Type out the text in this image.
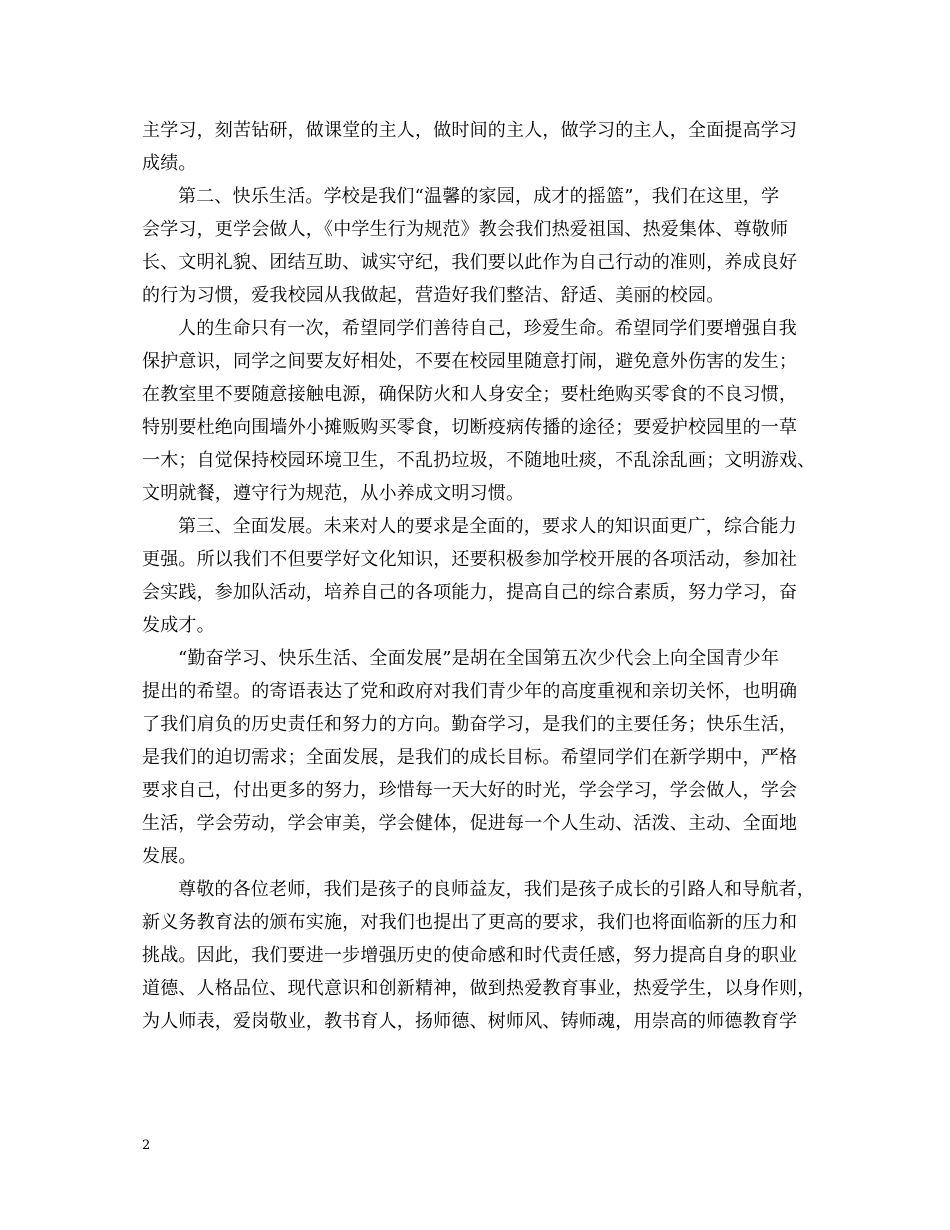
主学习，刻苦钻研，做课堂的主人，做时间的主人，做学习的主人，全面提高学习
成绩。
第二、快乐生活。学校是我们“温馨的家园，成才的摇篮”，我们在这里，学
会学习，更学会做人，《中学生行为规范》教会我们热爱祖国、热爱集体、尊敬师
长、文明礼貌、团结互助、诚实守纪，我们要以此作为自己行动的准则，养成良好
的行为习惯，爱我校园从我做起，营造好我们整洁、舒适、美丽的校园。
人的生命只有一次，希望同学们善待自己，珍爱生命。希望同学们要增强自我
保护意识，同学之间要友好相处，不要在校园里随意打闹，避免意外伤害的发生；
在教室里不要随意接触电源，确保防火和人身安全；要杜绝购买零食的不良习惯，
特别要杜绝向围墙外小摊贩购买零食，切断疫病传播的途径；要爱护校园里的一草
一木；自觉保持校园环境卫生，不乱扔垃圾，不随地吐痰，不乱涂乱画；文明游戏、
文明就餐，遵守行为规范，从小养成文明习惯。
第三、全面发展。未来对人的要求是全面的，要求人的知识面更广，综合能力
更强。所以我们不但要学好文化知识，还要积极参加学校开展的各项活动，参加社
会实践，参加队活动，培养自己的各项能力，提高自己的综合素质，努力学习，奋
发成才。
“勤奋学习、快乐生活、全面发展”是胡在全国第五次少代会上向全国青少年
提出的希望。的寄语表达了党和政府对我们青少年的高度重视和亲切关怀，也明确
了我们肩负的历史责任和努力的方向。勤奋学习，是我们的主要任务；快乐生活，
是我们的迫切需求；全面发展，是我们的成长目标。希望同学们在新学期中，严格
要求自己，付出更多的努力，珍惜每一天大好的时光，学会学习，学会做人，学会
生活，学会劳动，学会审美，学会健体，促进每一个人生动、活泼、主动、全面地
发展。
尊敬的各位老师，我们是孩子的良师益友，我们是孩子成长的引路人和导航者，
新义务教育法的颁布实施，对我们也提出了更高的要求，我们也将面临新的压力和
挑战。因此，我们要进一步增强历史的使命感和时代责任感，努力提高自身的职业
道德、人格品位、现代意识和创新精神，做到热爱教育事业，热爱学生，以身作则，
为人师表，爱岗敬业，教书育人，扬师德、树师风、铸师魂，用崇高的师德教育学
2
